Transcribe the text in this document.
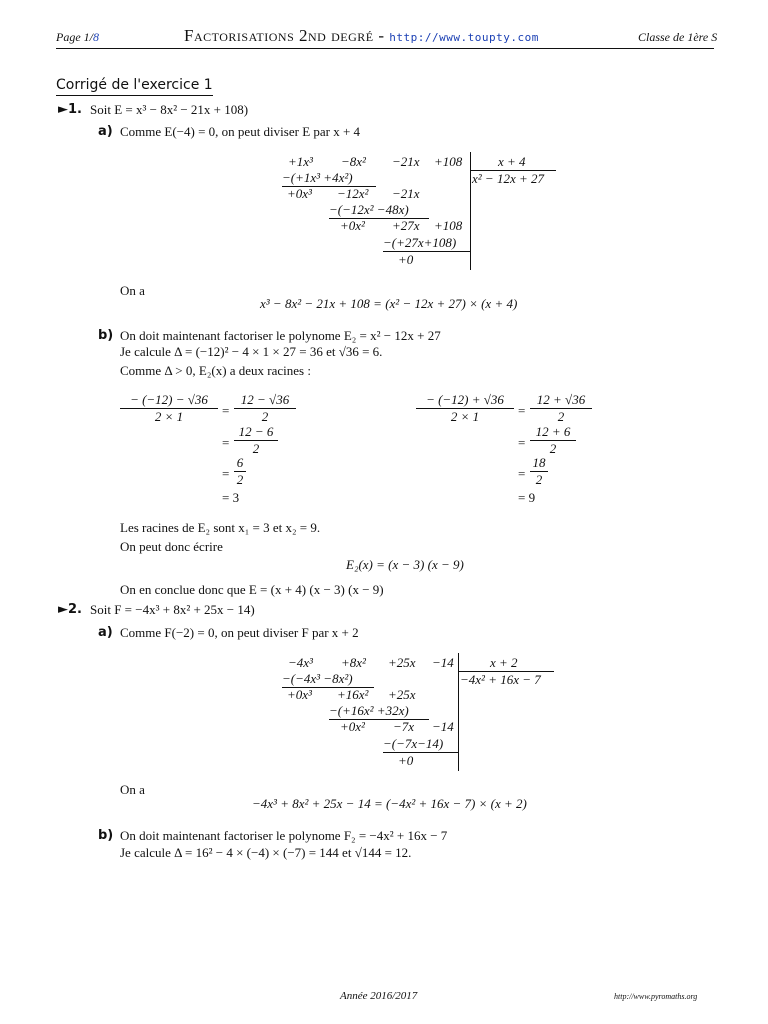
Page 1/8	Factorisations 2nd degré - http://www.toupty.com	Classe de 1ère S
Corrigé de l'exercice 1
►1. Soit E = x³ − 8x² − 21x + 108)
a) Comme E(−4) = 0, on peut diviser E par x + 4
+1x³ −8x² −21x +108	x + 4
x² − 12x + 27
−(+1x³ +4x²)
+0x³ −12x² −21x
−(−12x² −48x)
+0x² +27x +108
−(+27x+108)
+0
On a
x³ − 8x² − 21x + 108 = (x² − 12x + 27) × (x + 4)
b) On doit maintenant factoriser le polynome E₂ = x² − 12x + 27
Je calcule Δ = (−12)² − 4 × 1 × 27 = 36 et √36 = 6.
Comme Δ > 0, E₂(x) a deux racines :
− (−12) − √36
2 × 1	=
12 − √36
2
=
12 − 6
2
=
6
2
= 3
− (−12) + √36
2 × 1	=
12 + √36
2
=
12 + 6
2
=
18
2
= 9
Les racines de E₂ sont x₁ = 3 et x₂ = 9.
On peut donc écrire
E₂(x) = (x − 3) (x − 9)
On en conclue donc que E = (x + 4) (x − 3) (x − 9)
►2. Soit F = −4x³ + 8x² + 25x − 14)
a) Comme F(−2) = 0, on peut diviser F par x + 2
−4x³ +8x² +25x −14	x + 2
−4x² + 16x − 7
−(−4x³ −8x²)
+0x³ +16x² +25x
−(+16x² +32x)
+0x² −7x −14
−(−7x−14)
+0
On a
−4x³ + 8x² + 25x − 14 = (−4x² + 16x − 7) × (x + 2)
b) On doit maintenant factoriser le polynome F₂ = −4x² + 16x − 7
Je calcule Δ = 16² − 4 × (−4) × (−7) = 144 et √144 = 12.
Année 2016/2017	http://www.pyromaths.org
